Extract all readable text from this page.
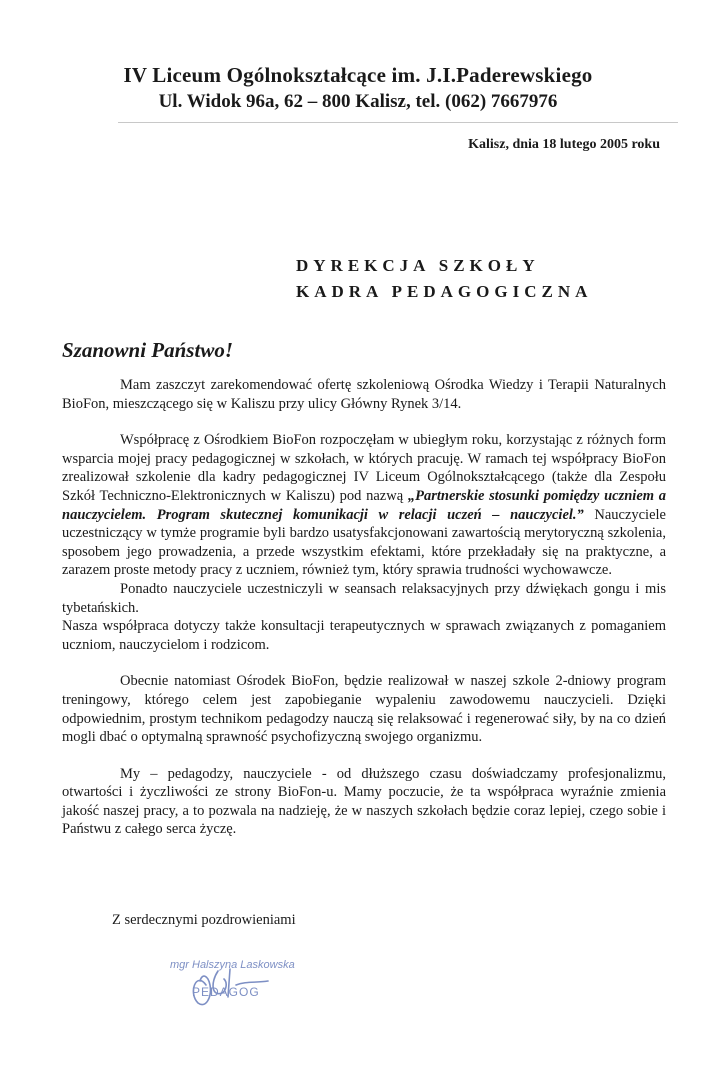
IV Liceum Ogólnokształcące im. J.I.Paderewskiego

Ul. Widok 96a, 62 – 800 Kalisz, tel. (062) 7667976

Kalisz, dnia 18 lutego 2005 roku
DYREKCJA SZKOŁY
KADRA PEDAGOGICZNA
Szanowni Państwo!

Mam zaszczyt zarekomendować ofertę szkoleniową Ośrodka Wiedzy i Terapii Naturalnych BioFon, mieszczącego się w Kaliszu przy ulicy Główny Rynek 3/14.

Współpracę z Ośrodkiem BioFon rozpoczęłam w ubiegłym roku, korzystając z różnych form wsparcia mojej pracy pedagogicznej w szkołach, w których pracuję. W ramach tej współpracy BioFon zrealizował szkolenie dla kadry pedagogicznej IV Liceum Ogólnokształcącego (także dla Zespołu Szkół Techniczno-Elektronicznych w Kaliszu) pod nazwą „Partnerskie stosunki pomiędzy uczniem a nauczycielem. Program skutecznej komunikacji w relacji uczeń – nauczyciel.” Nauczyciele uczestniczący w tymże programie byli bardzo usatysfakcjonowani zawartością merytoryczną szkolenia, sposobem jego prowadzenia, a przede wszystkim efektami, które przekładały się na praktyczne, a zarazem proste metody pracy z uczniem, również tym, który sprawia trudności wychowawcze.

Ponadto nauczyciele uczestniczyli w seansach relaksacyjnych przy dźwiękach gongu i mis tybetańskich.

Nasza współpraca dotyczy także konsultacji terapeutycznych w sprawach związanych z pomaganiem uczniom, nauczycielom i rodzicom.

Obecnie natomiast Ośrodek BioFon, będzie realizował w naszej szkole 2-dniowy program treningowy, którego celem jest zapobieganie wypaleniu zawodowemu nauczycieli. Dzięki odpowiednim, prostym technikom pedagodzy nauczą się relaksować i regenerować siły, by na co dzień mogli dbać o optymalną sprawność psychofizyczną swojego organizmu.

My – pedagodzy, nauczyciele - od dłuższego czasu doświadczamy profesjonalizmu, otwartości i życzliwości ze strony BioFon-u. Mamy poczucie, że ta współpraca wyraźnie zmienia jakość naszej pracy, a to pozwala na nadzieję, że w naszych szkołach będzie coraz lepiej, czego sobie i Państwu z całego serca życzę.

Z serdecznymi pozdrowieniami
mgr Halszyna Laskowska
PEDAGOG
